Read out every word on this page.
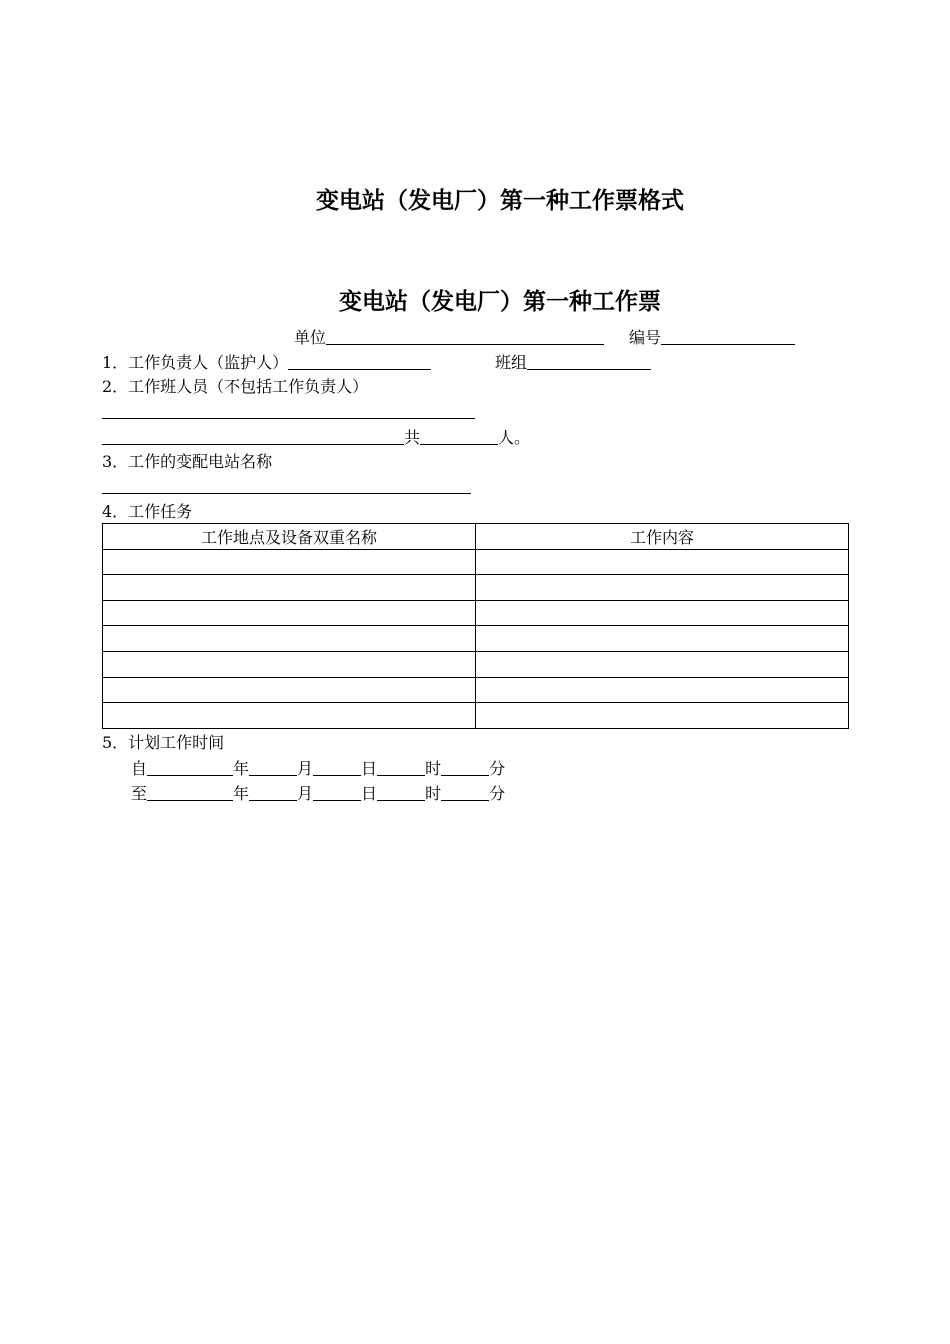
变电站（发电厂）第一种工作票格式
变电站（发电厂）第一种工作票
单位	编号
1．工作负责人（监护人）	班组
2．工作班人员（不包括工作负责人）
共	人。
3．工作的变配电站名称
4．工作任务
工作地点及设备双重名称	工作内容

5．计划工作时间
自	年	月	日	时	分
至	年	月	日	时	分
